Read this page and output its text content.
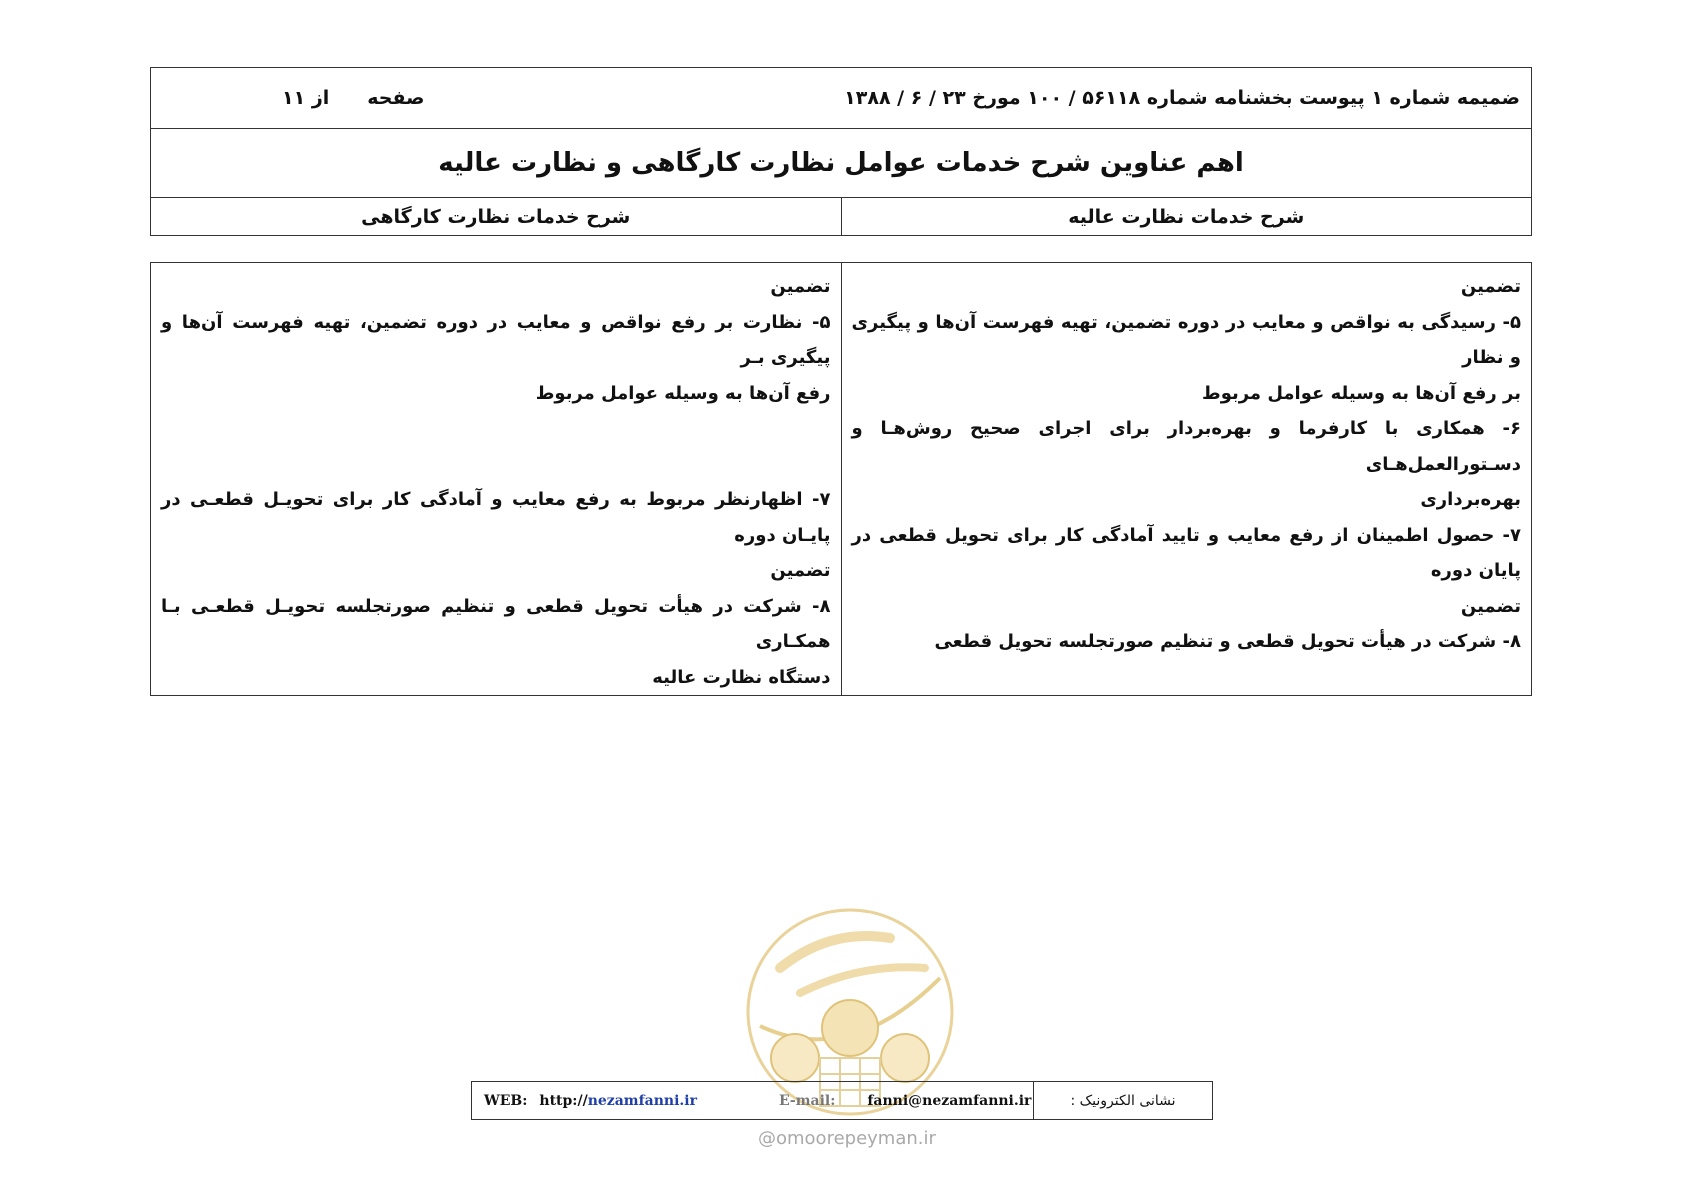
ضمیمه شماره ۱ پیوست بخشنامه شماره ۵۶۱۱۸ / ۱۰۰ مورخ ۲۳ / ۶ / ۱۳۸۸
صفحه
از ۱۱

اهم عناوین شرح خدمات عوامل نظارت کارگاهی و نظارت عالیه
شرح خدمات نظارت عالیه	شرح خدمات نظارت کارگاهی
تضمین
۵- رسیدگی به نواقص و معایب در دوره تضمین، تهیه فهرست آن‌ها و پیگیری و نظار
بر رفع آن‌ها به وسیله عوامل مربوط
۶- همکاری با کارفرما و بهره‌بردار برای اجرای صحیح روش‌هـا و دسـتورالعمل‌هـای
بهره‌برداری
۷- حصول اطمینان از رفع معایب و تایید آمادگی کار برای تحویل قطعی در پایان دوره
تضمین
۸- شرکت در هیأت تحویل قطعی و تنظیم صورتجلسه تحویل قطعی

تضمین
۵- نظارت بر رفع نواقص و معایب در دوره تضمین، تهیه فهرست آن‌ها و پیگیری بـر
رفع آن‌ها به وسیله عوامل مربوط
۷- اظهارنظر مربوط به رفع معایب و آمادگی کار برای تحویـل قطعـی در پایـان دوره
تضمین
۸- شرکت در هیأت تحویل قطعی و تنظیم صورتجلسه تحویـل قطعـی بـا همکـاری
دستگاه نظارت عالیه
WEB: http://nezamfanni.ir	E-mail: fanni@nezamfanni.ir	نشانی الکترونیک :
@omoorepeyman.ir
